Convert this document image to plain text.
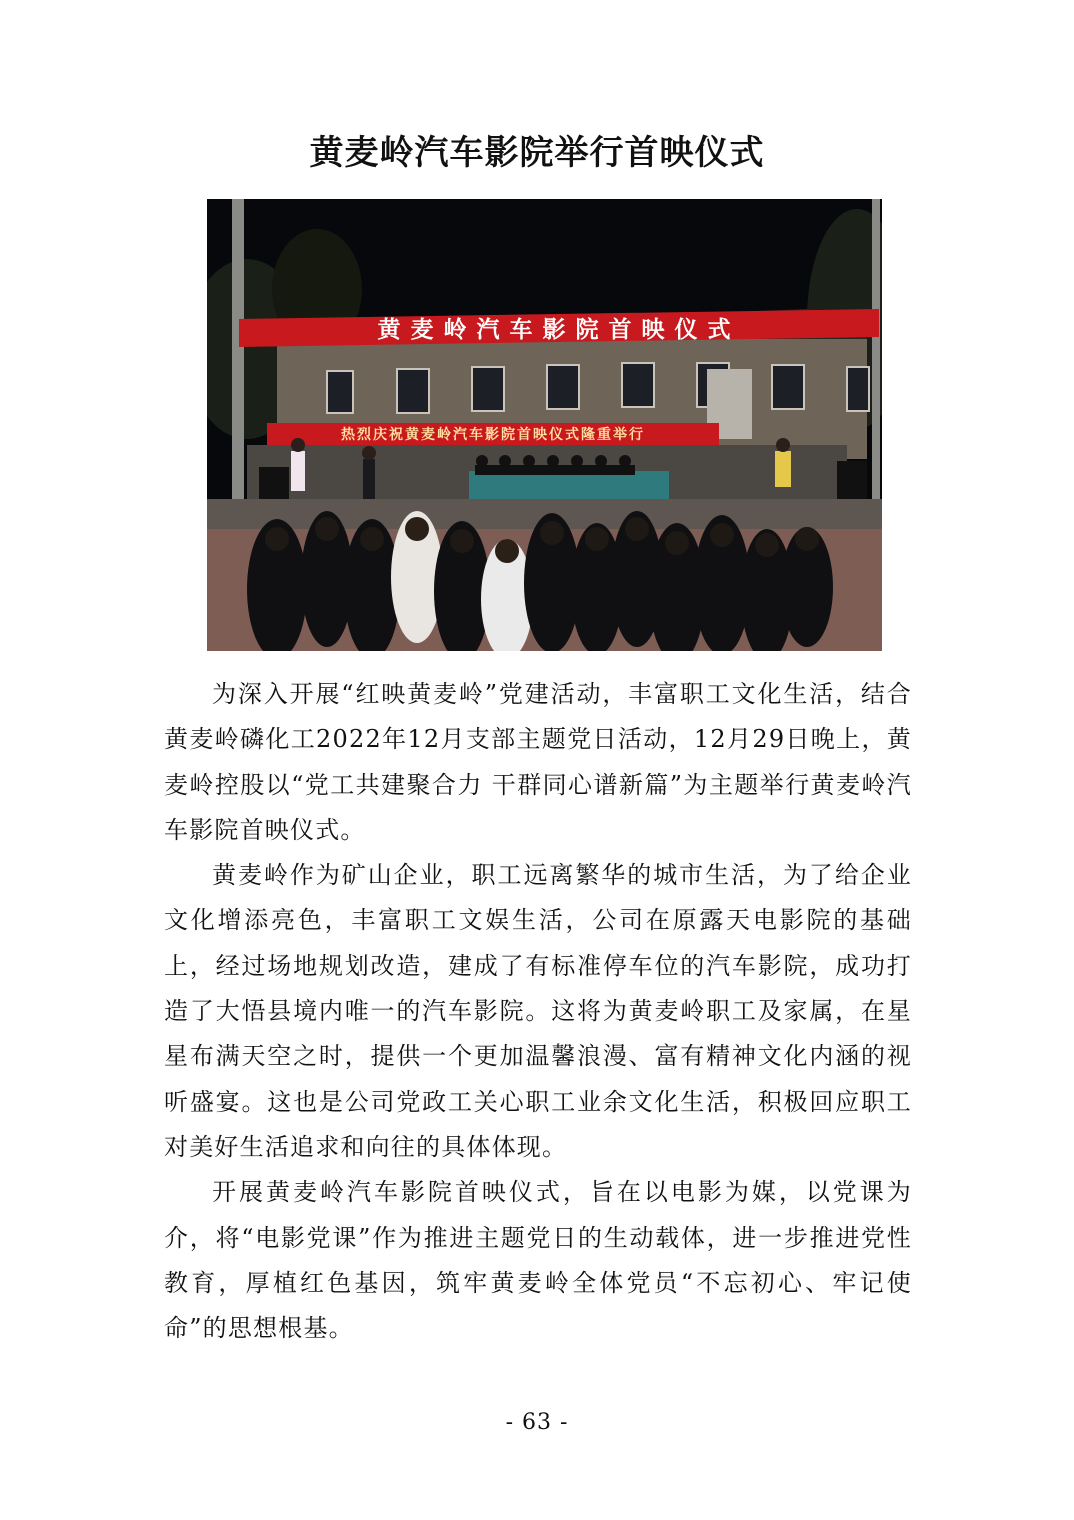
黄麦岭汽车影院举行首映仪式
黄麦岭汽车影院首映仪式
热烈庆祝黄麦岭汽车影院首映仪式隆重举行

为深入开展“红映黄麦岭”党建活动，丰富职工文化生活，结合黄麦岭磷化工2022年12月支部主题党日活动，12月29日晚上，黄麦岭控股以“党工共建聚合力 干群同心谱新篇”为主题举行黄麦岭汽车影院首映仪式。

黄麦岭作为矿山企业，职工远离繁华的城市生活，为了给企业文化增添亮色，丰富职工文娱生活，公司在原露天电影院的基础上，经过场地规划改造，建成了有标准停车位的汽车影院，成功打造了大悟县境内唯一的汽车影院。这将为黄麦岭职工及家属，在星星布满天空之时，提供一个更加温馨浪漫、富有精神文化内涵的视听盛宴。这也是公司党政工关心职工业余文化生活，积极回应职工对美好生活追求和向往的具体体现。

开展黄麦岭汽车影院首映仪式，旨在以电影为媒，以党课为介，将“电影党课”作为推进主题党日的生动载体，进一步推进党性教育，厚植红色基因，筑牢黄麦岭全体党员“不忘初心、牢记使命”的思想根基。

- 63 -
